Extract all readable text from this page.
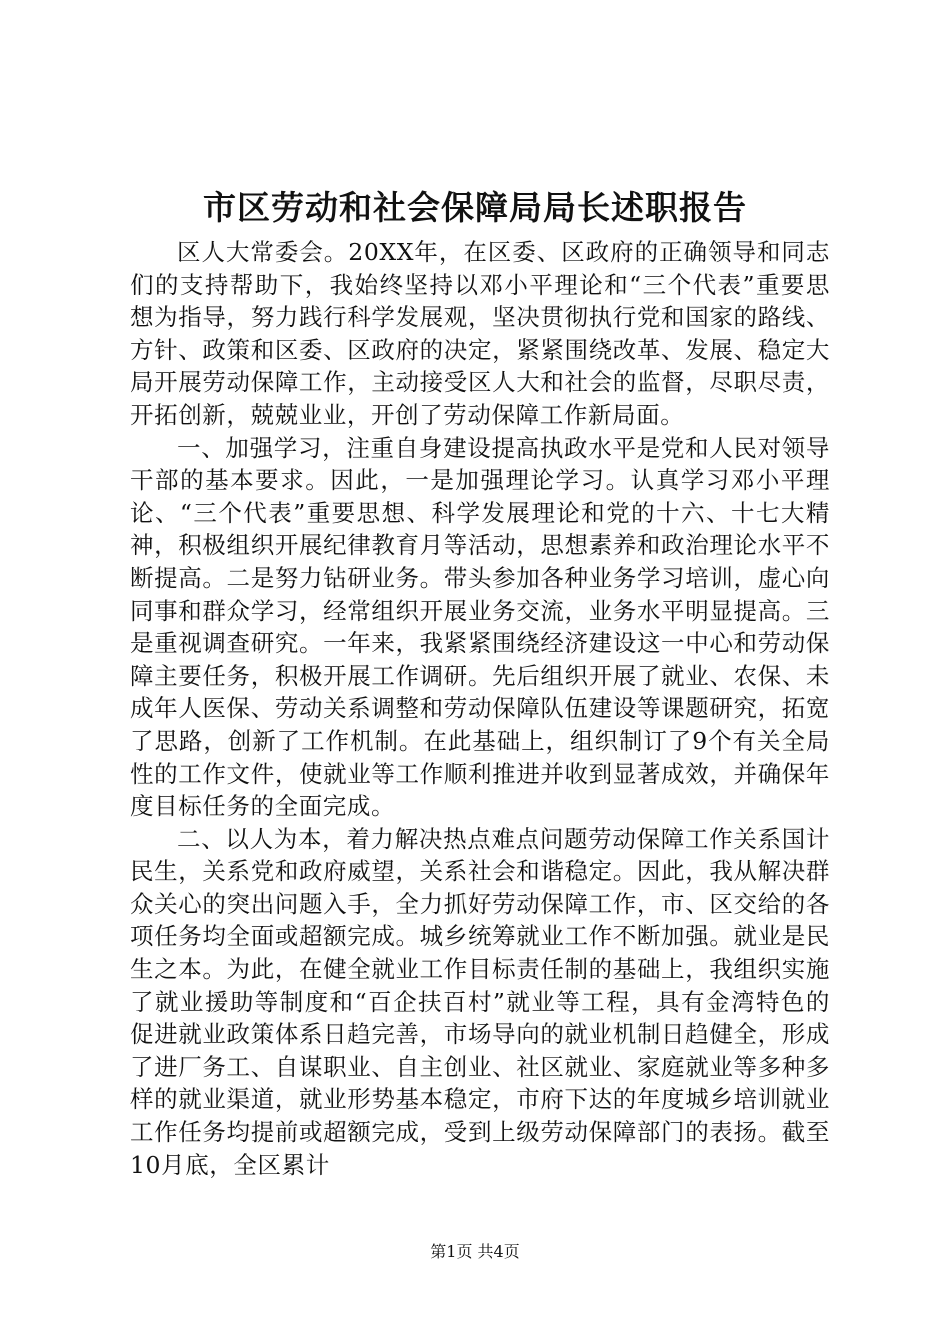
市区劳动和社会保障局局长述职报告

区人大常委会。20XX年，在区委、区政府的正确领导和同志们的支持帮助下，我始终坚持以邓小平理论和“三个代表”重要思想为指导，努力践行科学发展观，坚决贯彻执行党和国家的路线、方针、政策和区委、区政府的决定，紧紧围绕改革、发展、稳定大局开展劳动保障工作，主动接受区人大和社会的监督，尽职尽责，开拓创新，兢兢业业，开创了劳动保障工作新局面。

一、加强学习，注重自身建设提高执政水平是党和人民对领导干部的基本要求。因此，一是加强理论学习。认真学习邓小平理论、“三个代表”重要思想、科学发展理论和党的十六、十七大精神，积极组织开展纪律教育月等活动，思想素养和政治理论水平不断提高。二是努力钻研业务。带头参加各种业务学习培训，虚心向同事和群众学习，经常组织开展业务交流，业务水平明显提高。三是重视调查研究。一年来，我紧紧围绕经济建设这一中心和劳动保障主要任务，积极开展工作调研。先后组织开展了就业、农保、未成年人医保、劳动关系调整和劳动保障队伍建设等课题研究，拓宽了思路，创新了工作机制。在此基础上，组织制订了9个有关全局性的工作文件，使就业等工作顺利推进并收到显著成效，并确保年度目标任务的全面完成。

二、以人为本，着力解决热点难点问题劳动保障工作关系国计民生，关系党和政府威望，关系社会和谐稳定。因此，我从解决群众关心的突出问题入手，全力抓好劳动保障工作，市、区交给的各项任务均全面或超额完成。城乡统筹就业工作不断加强。就业是民生之本。为此，在健全就业工作目标责任制的基础上，我组织实施了就业援助等制度和“百企扶百村”就业等工程，具有金湾特色的促进就业政策体系日趋完善，市场导向的就业机制日趋健全，形成了进厂务工、自谋职业、自主创业、社区就业、家庭就业等多种多样的就业渠道，就业形势基本稳定，市府下达的年度城乡培训就业工作任务均提前或超额完成，受到上级劳动保障部门的表扬。截至10月底，全区累计

第1页 共4页
